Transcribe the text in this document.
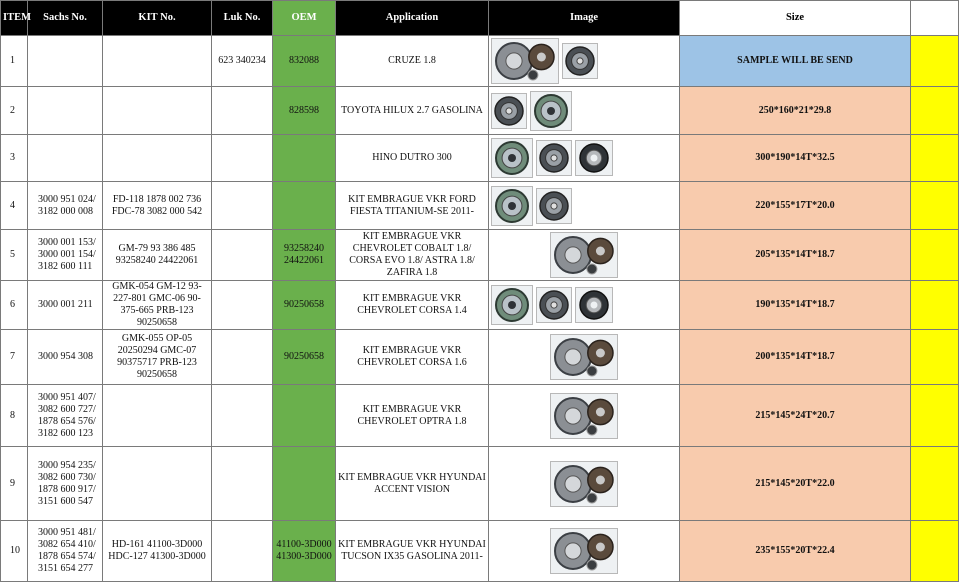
ITEM	Sachs No.	KIT No.	Luk No.	OEM	Application	Image	Size	
1			623 340234	832088	CRUZE 1.8		SAMPLE WILL BE SEND	
2				828598	TOYOTA HILUX 2.7 GASOLINA		250*160*21*29.8	
3					HINO DUTRO 300		300*190*14T*32.5	
4	3000 951 024/ 3182 000 008	FD-118 1878 002 736 FDC-78 3082 000 542			KIT EMBRAGUE VKR FORD FIESTA TITANIUM-SE 2011-		220*155*17T*20.0	
5	3000 001 153/ 3000 001 154/ 3182 600 111	GM-79 93 386 485 93258240 24422061		93258240 24422061	KIT EMBRAGUE VKR CHEVROLET COBALT 1.8/ CORSA EVO 1.8/ ASTRA 1.8/ ZAFIRA 1.8		205*135*14T*18.7	
6	3000 001 211	GMK-054 GM-12 93-227-801 GMC-06 90-375-665 PRB-123 90250658		90250658	KIT EMBRAGUE VKR CHEVROLET CORSA 1.4		190*135*14T*18.7	
7	3000 954 308	GMK-055 OP-05 20250294 GMC-07 90375717 PRB-123 90250658		90250658	KIT EMBRAGUE VKR CHEVROLET CORSA 1.6		200*135*14T*18.7	
8	3000 951 407/ 3082 600 727/ 1878 654 576/ 3182 600 123				KIT EMBRAGUE VKR CHEVROLET OPTRA 1.8		215*145*24T*20.7	
9	3000 954 235/ 3082 600 730/ 1878 600 917/ 3151 600 547				KIT EMBRAGUE VKR HYUNDAI ACCENT VISION		215*145*20T*22.0	
10	3000 951 481/ 3082 654 410/ 1878 654 574/ 3151 654 277	HD-161 41100-3D000 HDC-127 41300-3D000		41100-3D000 41300-3D000	KIT EMBRAGUE VKR HYUNDAI TUCSON IX35 GASOLINA 2011-		235*155*20T*22.4	
